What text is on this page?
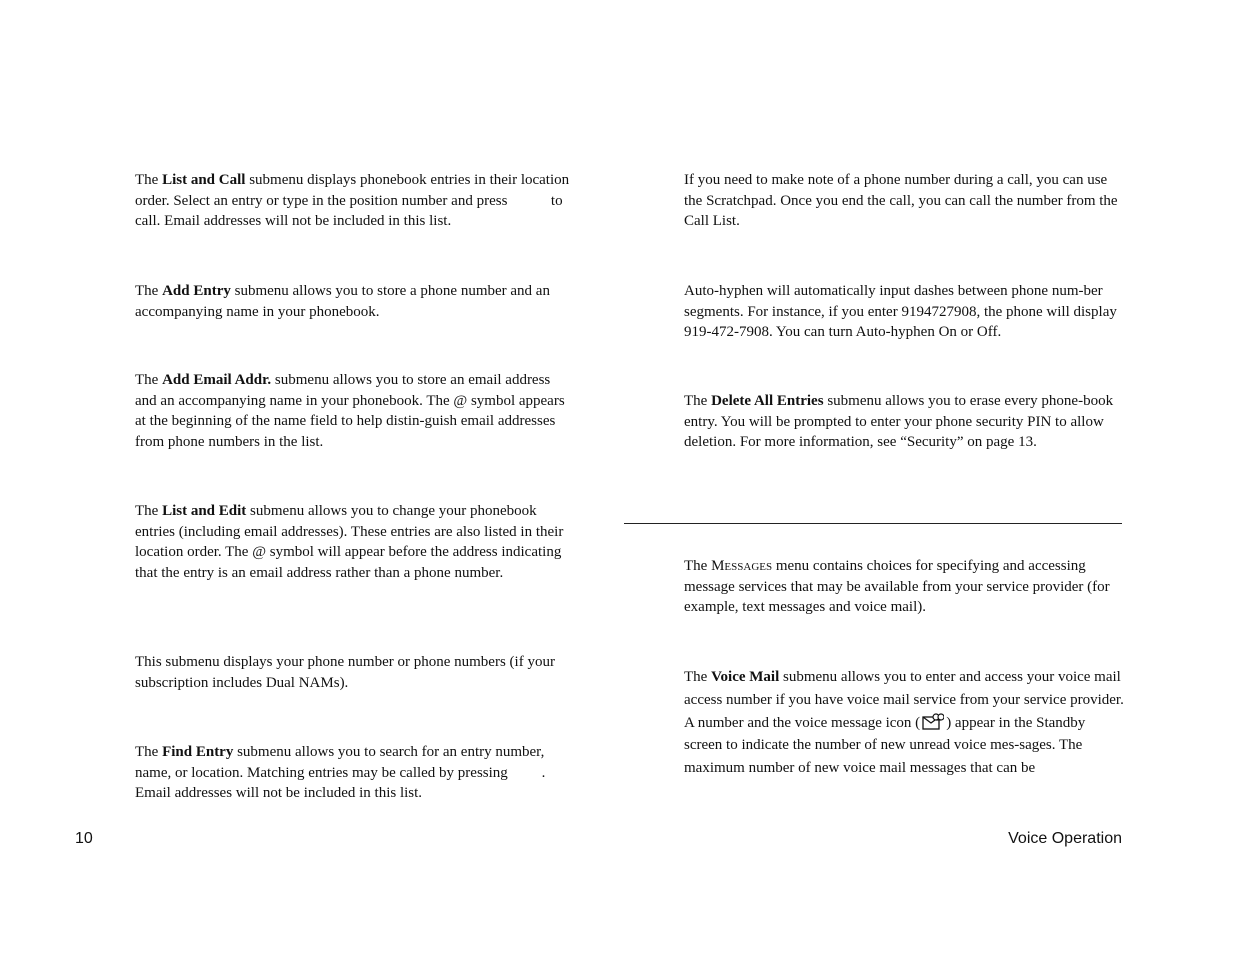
The List and Call submenu displays phonebook entries in their location order. Select an entry or type in the position number and press  to call. Email addresses will not be included in this list.

The Add Entry submenu allows you to store a phone number and an accompanying name in your phonebook.

The Add Email Addr. submenu allows you to store an email address and an accompanying name in your phonebook. The @ symbol appears at the beginning of the name field to help distin-guish email addresses from phone numbers in the list.

The List and Edit submenu allows you to change your phonebook entries (including email addresses). These entries are also listed in their location order. The @ symbol will appear before the address indicating that the entry is an email address rather than a phone number.

This submenu displays your phone number or phone numbers (if your subscription includes Dual NAMs).

The Find Entry submenu allows you to search for an entry number, name, or location. Matching entries may be called by pressing . Email addresses will not be included in this list.

If you need to make note of a phone number during a call, you can use the Scratchpad. Once you end the call, you can call the number from the Call List.

Auto-hyphen will automatically input dashes between phone num-ber segments. For instance, if you enter 9194727908, the phone will display 919-472-7908. You can turn Auto-hyphen On or Off.

The Delete All Entries submenu allows you to erase every phone-book entry. You will be prompted to enter your phone security PIN to allow deletion. For more information, see “Security” on page 13.

The Messages menu contains choices for specifying and accessing message services that may be available from your service provider (for example, text messages and voice mail).

The Voice Mail submenu allows you to enter and access your voice mail access number if you have voice mail service from your service provider. A number and the voice message icon ( ) appear in the Standby screen to indicate the number of new unread voice mes-sages. The maximum number of new voice mail messages that can be

10	Voice Operation
